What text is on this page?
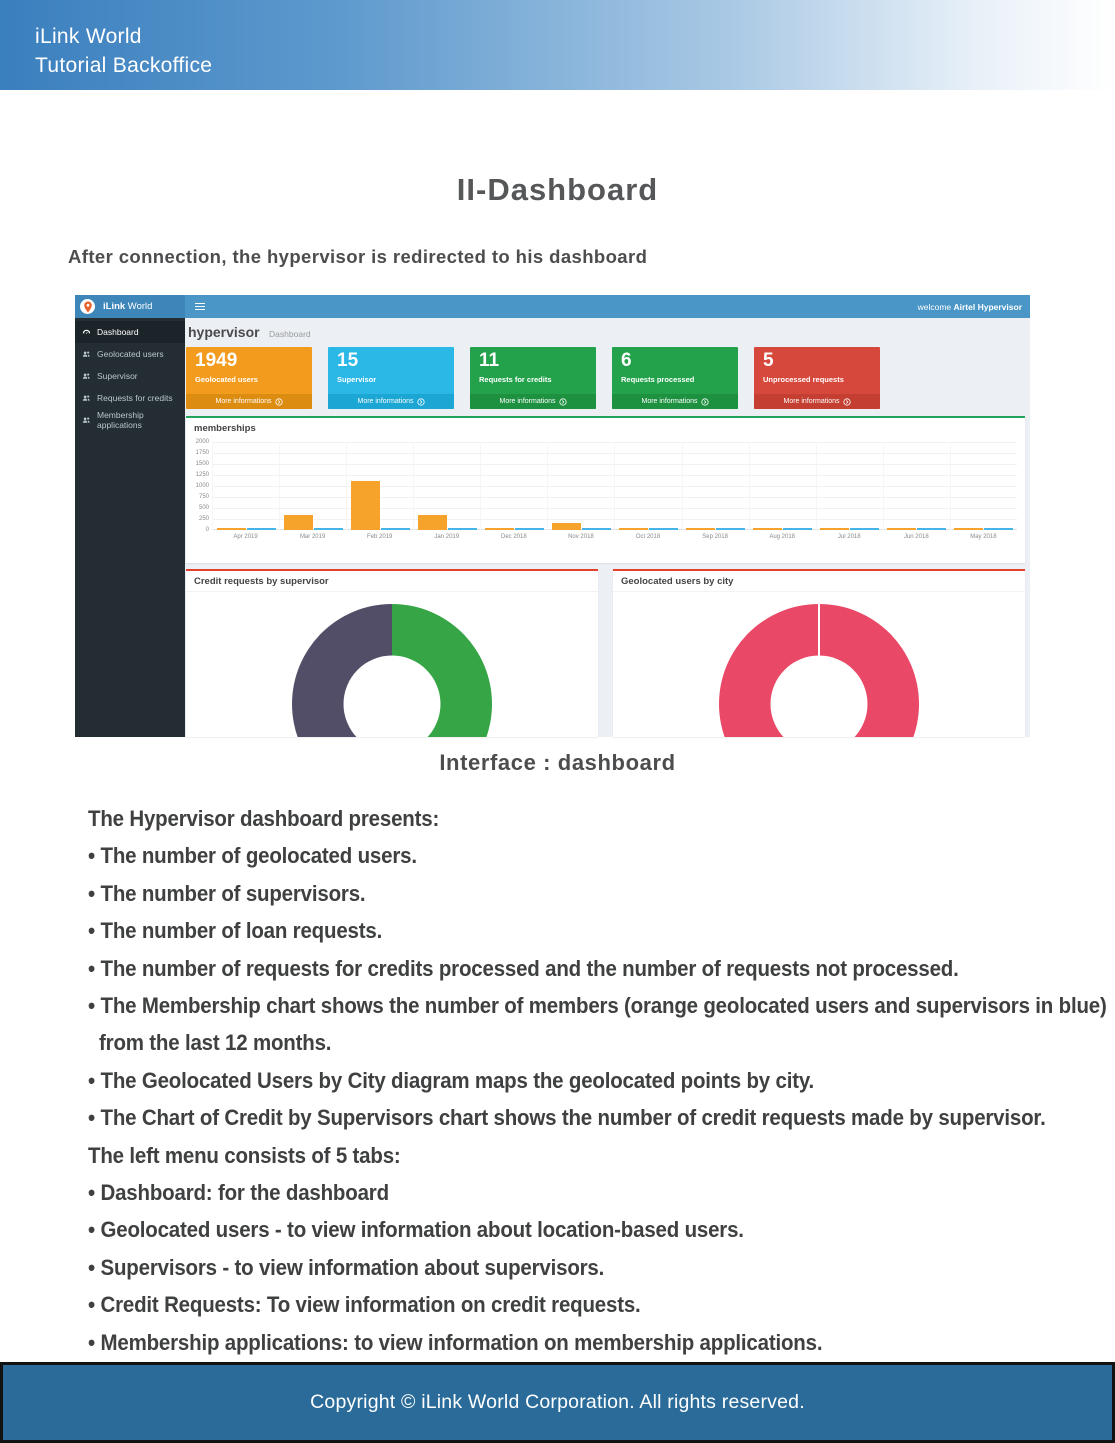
iLink World
Tutorial Backoffice
II-Dashboard
After connection, the hypervisor is redirected to his dashboard
iLink World	welcome Airtel Hypervisor
Dashboard
Geolocated users
Supervisor
Requests for credits
Membership applications
hypervisor Dashboard
1949
Geolocated users
More informations
15
Supervisor
More informations
11
Requests for credits
More informations
6
Requests processed
More informations
5
Unprocessed requests
More informations
memberships
2000
1750
1500
1250
1000
750
500
250
0
Apr 2019	Mar 2019	Feb 2019	Jan 2019	Dec 2018	Nov 2018	Oct 2018	Sep 2018	Aug 2018	Jul 2018	Jun 2018	May 2018
Credit requests by supervisor	Geolocated users by city
Interface : dashboard
The Hypervisor dashboard presents:
• The number of geolocated users.
• The number of supervisors.
• The number of loan requests.
• The number of requests for credits processed and the number of requests not processed.
• The Membership chart shows the number of members (orange geolocated users and supervisors in blue)
from the last 12 months.
• The Geolocated Users by City diagram maps the geolocated points by city.
• The Chart of Credit by Supervisors chart shows the number of credit requests made by supervisor.
The left menu consists of 5 tabs:
• Dashboard: for the dashboard
• Geolocated users - to view information about location-based users.
• Supervisors - to view information about supervisors.
• Credit Requests: To view information on credit requests.
• Membership applications: to view information on membership applications.
Copyright © iLink World Corporation. All rights reserved.
